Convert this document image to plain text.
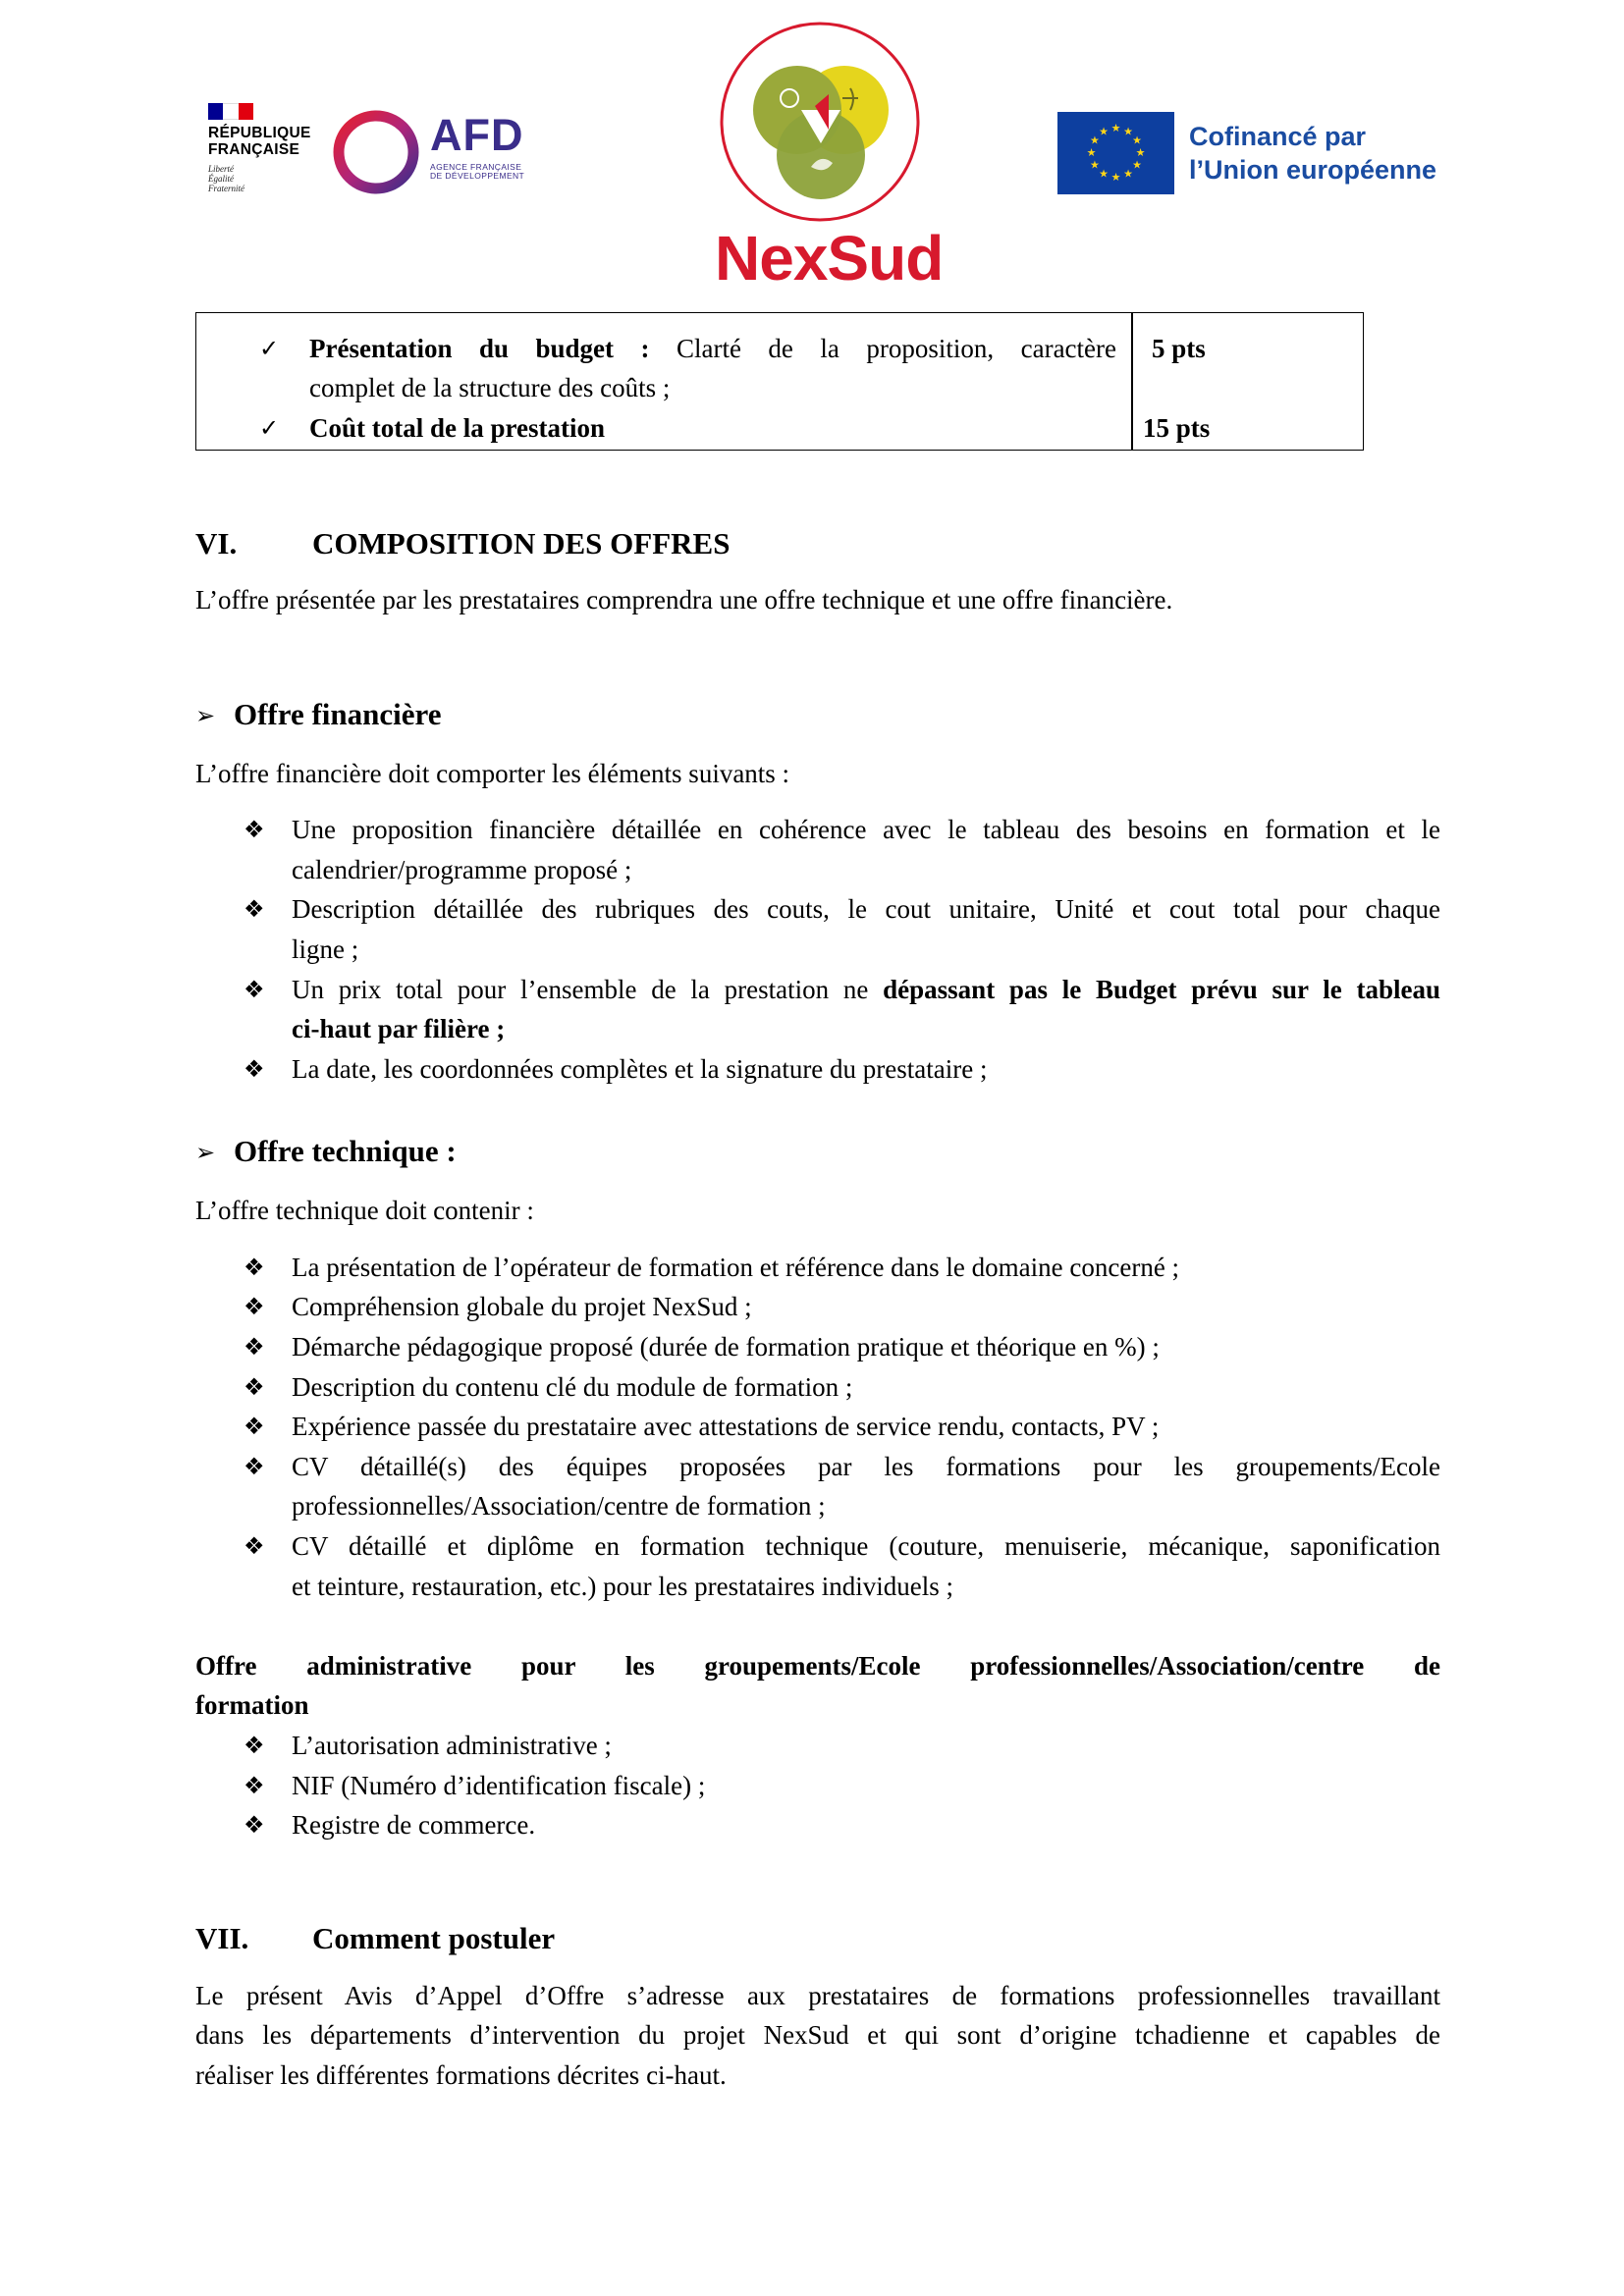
RÉPUBLIQUE
FRANÇAISE
Liberté
Égalité
Fraternité
AFD
AGENCE FRANÇAISE
DE DÉVELOPPEMENT
NexSud
★ ★
★
★
★
★
★
★
★
★
★
★	Cofinancé par
l’Union européenne
✓ Présentation du budget : Clarté de la proposition, caractère
complet de la structure des coûts ;
5 pts
✓ Coût total de la prestation	15 pts
VI. COMPOSITION DES OFFRES
L’offre présentée par les prestataires comprendra une offre technique et une offre financière.
➢ Offre financière
L’offre financière doit comporter les éléments suivants :
❖ Une proposition financière détaillée en cohérence avec le tableau des besoins en formation et le
calendrier/programme proposé ;
❖ Description détaillée des rubriques des couts, le cout unitaire, Unité et cout total pour chaque
ligne ;
❖ Un prix total pour l’ensemble de la prestation ne dépassant pas le Budget prévu sur le tableau
ci-haut par filière ;
❖ La date, les coordonnées complètes et la signature du prestataire ;
➢ Offre technique :
L’offre technique doit contenir :
❖ La présentation de l’opérateur de formation et référence dans le domaine concerné ;
❖ Compréhension globale du projet NexSud ;
❖ Démarche pédagogique proposé (durée de formation pratique et théorique en %) ;
❖ Description du contenu clé du module de formation ;
❖ Expérience passée du prestataire avec attestations de service rendu, contacts, PV ;
❖ CV détaillé(s) des équipes proposées par les formations pour les groupements/Ecole
professionnelles/Association/centre de formation ;
❖ CV détaillé et diplôme en formation technique (couture, menuiserie, mécanique, saponification
et teinture, restauration, etc.) pour les prestataires individuels ;
Offre administrative pour les groupements/Ecole professionnelles/Association/centre de
formation
❖ L’autorisation administrative ;
❖ NIF (Numéro d’identification fiscale) ;
❖ Registre de commerce.
VII. Comment postuler
Le présent Avis d’Appel d’Offre s’adresse aux prestataires de formations professionnelles travaillant
dans les départements d’intervention du projet NexSud et qui sont d’origine tchadienne et capables de
réaliser les différentes formations décrites ci-haut.
